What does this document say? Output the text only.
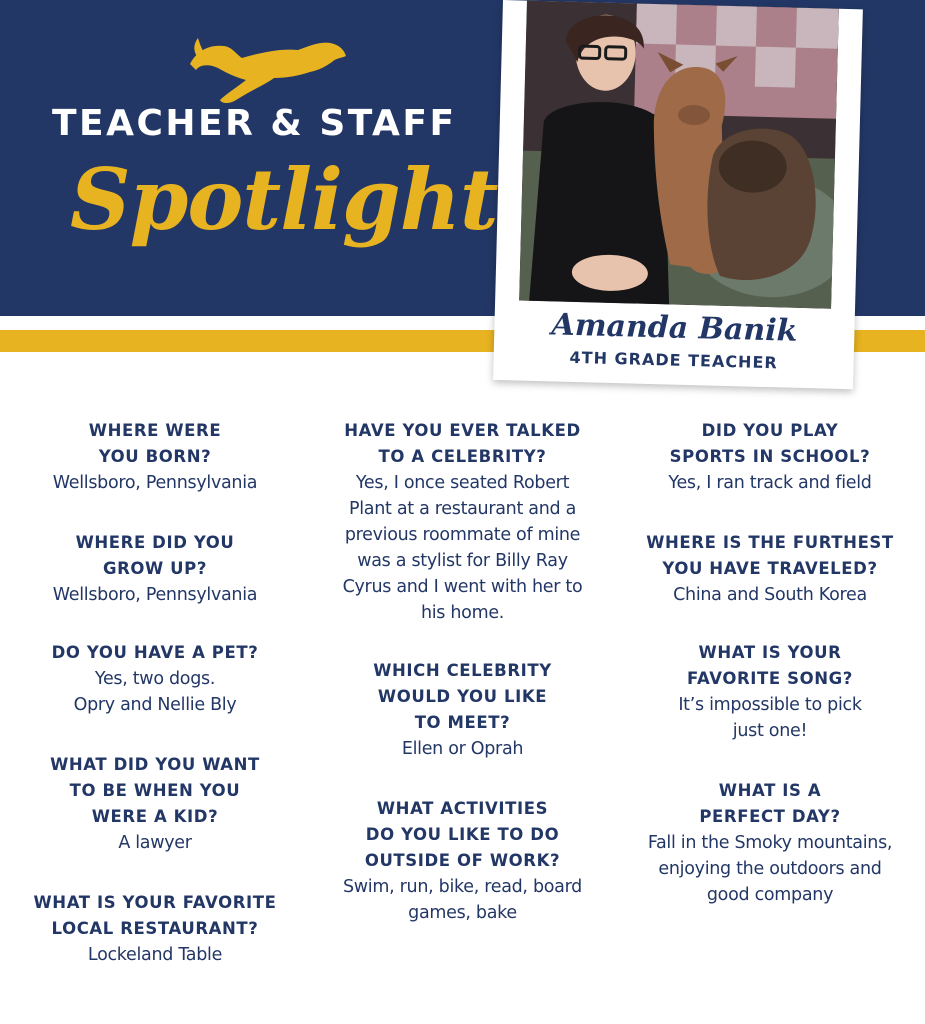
TEACHER & STAFF
Spotlight
Amanda Banik
4TH GRADE TEACHER
WHERE WERE
YOU BORN?
Wellsboro, Pennsylvania
WHERE DID YOU
GROW UP?
Wellsboro, Pennsylvania
DO YOU HAVE A PET?
Yes, two dogs.
Opry and Nellie Bly
WHAT DID YOU WANT
TO BE WHEN YOU
WERE A KID?
A lawyer
WHAT IS YOUR FAVORITE
LOCAL RESTAURANT?
Lockeland Table
HAVE YOU EVER TALKED
TO A CELEBRITY?
Yes, I once seated Robert
Plant at a restaurant and a
previous roommate of mine
was a stylist for Billy Ray
Cyrus and I went with her to
his home.
WHICH CELEBRITY
WOULD YOU LIKE
TO MEET?
Ellen or Oprah
WHAT ACTIVITIES
DO YOU LIKE TO DO
OUTSIDE OF WORK?
Swim, run, bike, read, board
games, bake
DID YOU PLAY
SPORTS IN SCHOOL?
Yes, I ran track and field
WHERE IS THE FURTHEST
YOU HAVE TRAVELED?
China and South Korea
WHAT IS YOUR
FAVORITE SONG?
It’s impossible to pick
just one!
WHAT IS A
PERFECT DAY?
Fall in the Smoky mountains,
enjoying the outdoors and
good company
